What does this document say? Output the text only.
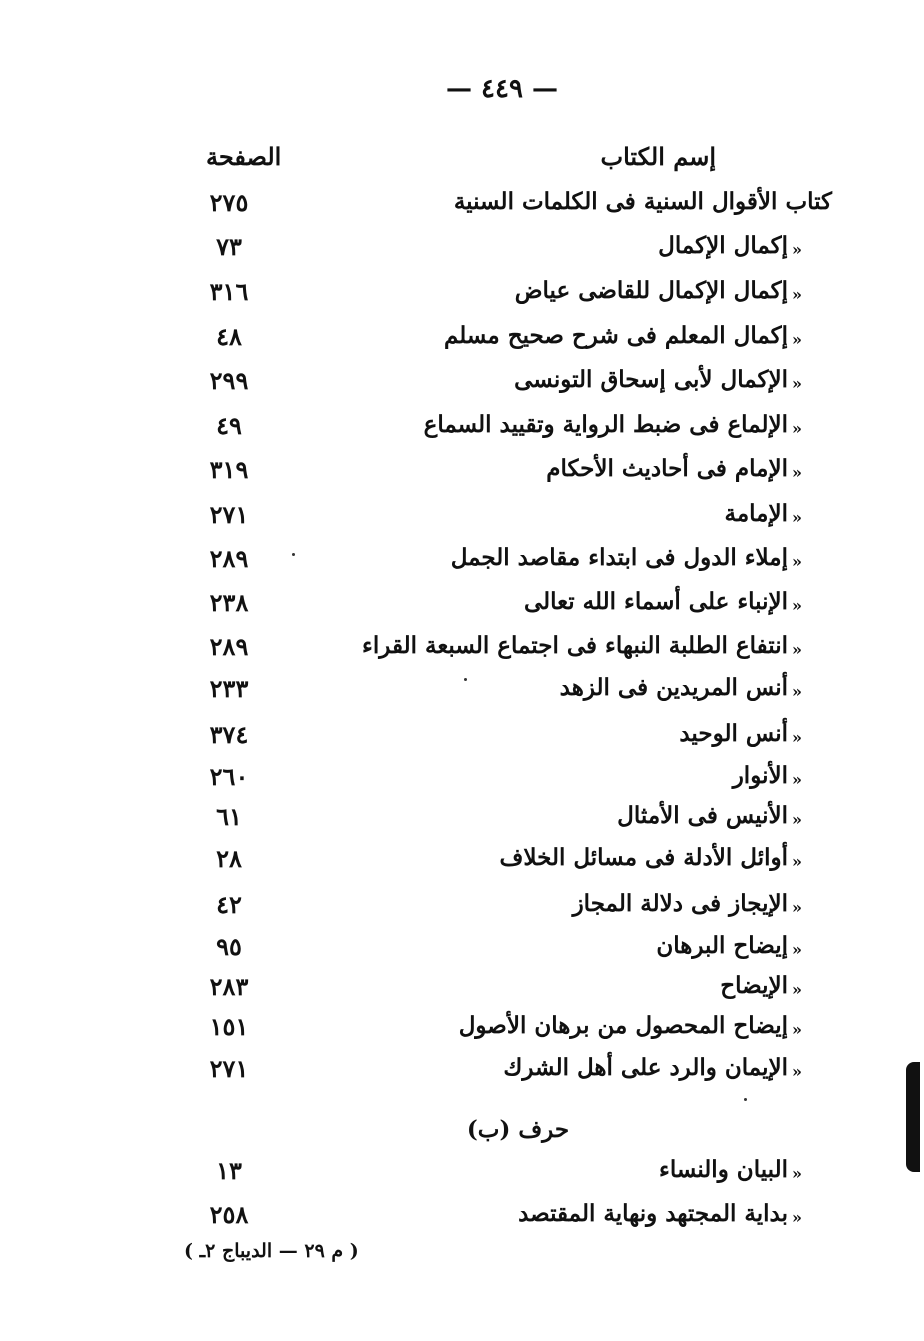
— ٤٤٩ —
إسم الكتاب
الصفحة
كتاب الأقوال السنية فى الكلمات السنية
٢٧٥
»
إكمال الإكمال
٧٣
»
إكمال الإكمال للقاضى عياض
٣١٦
»
إكمال المعلم فى شرح صحيح مسلم
٤٨
»
الإكمال لأبى إسحاق التونسى
٢٩٩
»
الإلماع فى ضبط الرواية وتقييد السماع
٤٩
»
الإمام فى أحاديث الأحكام
٣١٩
»
الإمامة
٢٧١
»
إملاء الدول فى ابتداء مقاصد الجمل
٢٨٩
»
الإنباء على أسماء الله تعالى
٢٣٨
»
انتفاع الطلبة النبهاء فى اجتماع السبعة القراء
٢٨٩
»
أنس المريدين فى الزهد
٢٣٣
»
أنس الوحيد
٣٧٤
»
الأنوار
٢٦٠
»
الأنيس فى الأمثال
٦١
»
أوائل الأدلة فى مسائل الخلاف
٢٨
»
الإيجاز فى دلالة المجاز
٤٢
»
إيضاح البرهان
٩٥
»
الإيضاح
٢٨٣
»
إيضاح المحصول من برهان الأصول
١٥١
»
الإيمان والرد على أهل الشرك
٢٧١
حرف (ب)
»
البيان والنساء
١٣
»
بداية المجتهد ونهاية المقتصد
٢٥٨
( م ٢٩ — الديباج ٢ـ )
